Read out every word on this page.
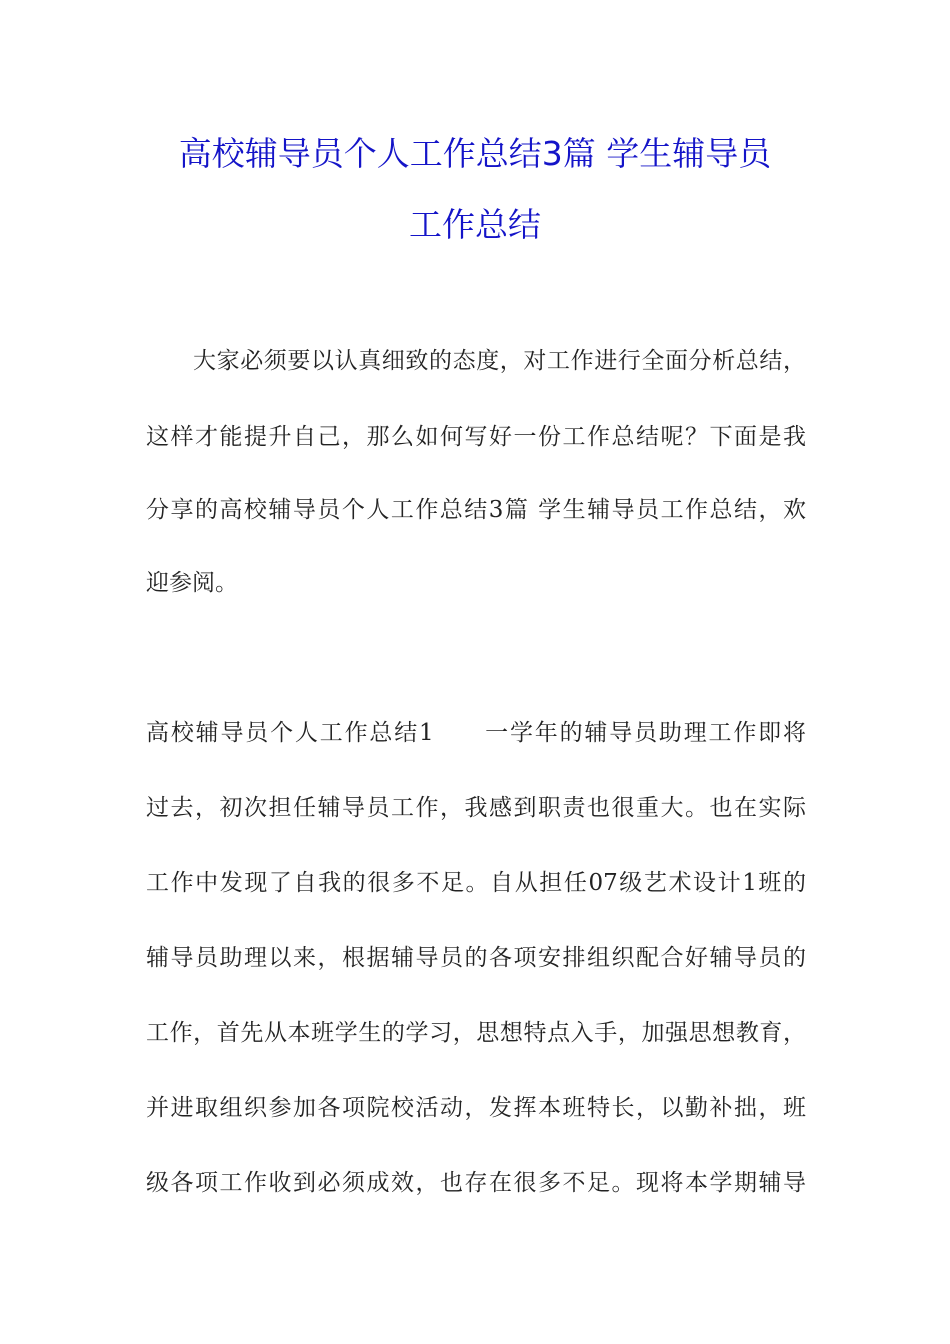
高校辅导员个人工作总结3篇 学生辅导员
工作总结

大家必须要以认真细致的态度，对工作进行全面分析总结，

这样才能提升自己，那么如何写好一份工作总结呢？下面是我

分享的高校辅导员个人工作总结3篇 学生辅导员工作总结，欢

迎参阅。

高校辅导员个人工作总结1　　一学年的辅导员助理工作即将

过去，初次担任辅导员工作，我感到职责也很重大。也在实际

工作中发现了自我的很多不足。自从担任07级艺术设计1班的

辅导员助理以来，根据辅导员的各项安排组织配合好辅导员的

工作，首先从本班学生的学习，思想特点入手，加强思想教育，

并进取组织参加各项院校活动，发挥本班特长，以勤补拙，班

级各项工作收到必须成效，也存在很多不足。现将本学期辅导
